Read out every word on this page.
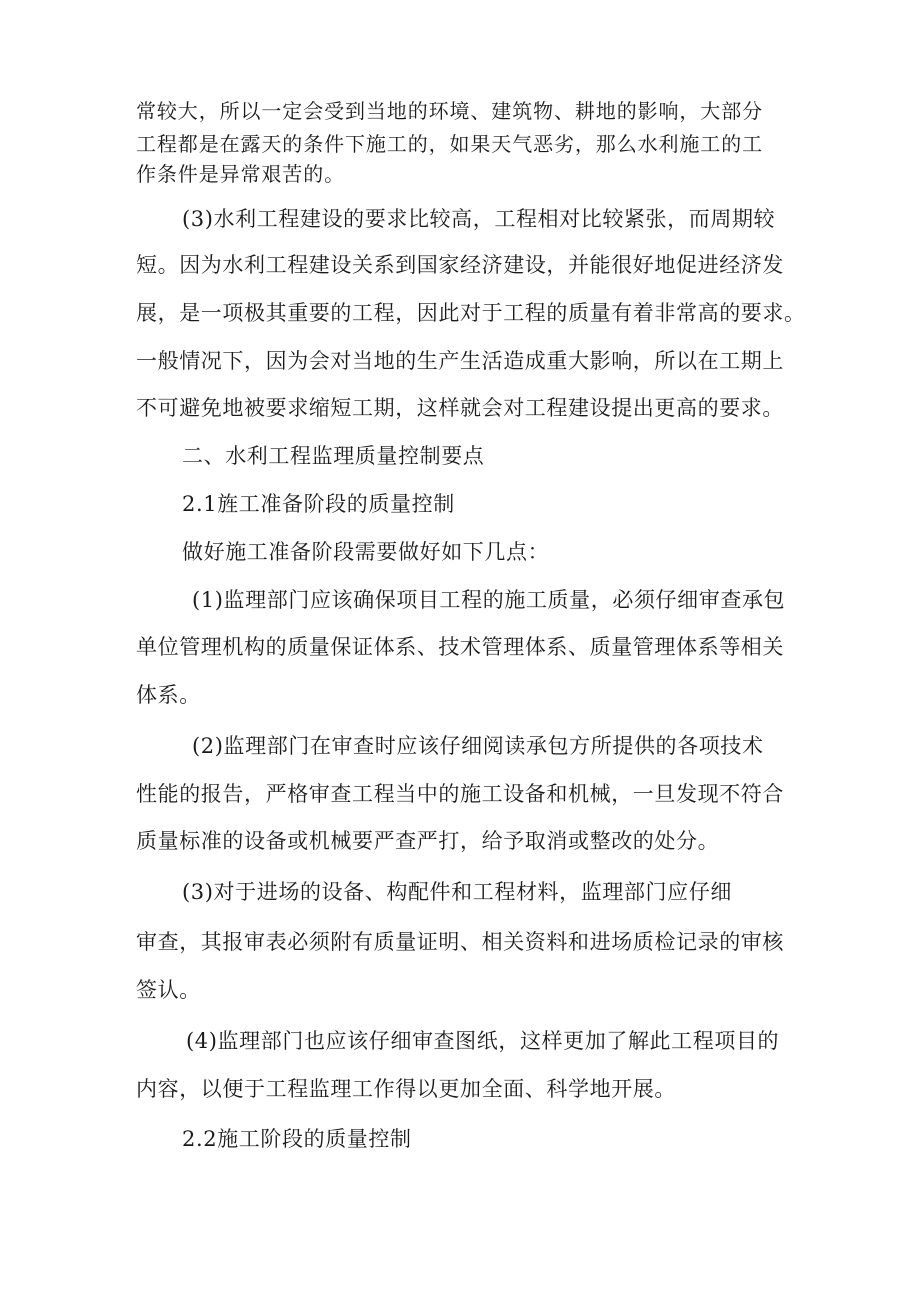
常较大，所以一定会受到当地的环境、建筑物、耕地的影响，大部分
工程都是在露天的条件下施工的，如果天气恶劣，那么水利施工的工
作条件是异常艰苦的。
(3)水利工程建设的要求比较高，工程相对比较紧张，而周期较
短。因为水利工程建设关系到国家经济建设，并能很好地促进经济发
展，是一项极其重要的工程，因此对于工程的质量有着非常高的要求。
一般情况下，因为会对当地的生产生活造成重大影响，所以在工期上
不可避免地被要求缩短工期，这样就会对工程建设提出更高的要求。
二、水利工程监理质量控制要点
2.1旌工准备阶段的质量控制
做好施工准备阶段需要做好如下几点：
(1)监理部门应该确保项目工程的施工质量，必须仔细审查承包
单位管理机构的质量保证体系、技术管理体系、质量管理体系等相关
体系。
(2)监理部门在审查时应该仔细阅读承包方所提供的各项技术
性能的报告，严格审查工程当中的施工设备和机械，一旦发现不符合
质量标准的设备或机械要严查严打，给予取消或整改的处分。
(3)对于进场的设备、构配件和工程材料，监理部门应仔细
审查，其报审表必须附有质量证明、相关资料和进场质检记录的审核
签认。
(4)监理部门也应该仔细审查图纸，这样更加了解此工程项目的
内容，以便于工程监理工作得以更加全面、科学地开展。
2.2施工阶段的质量控制
